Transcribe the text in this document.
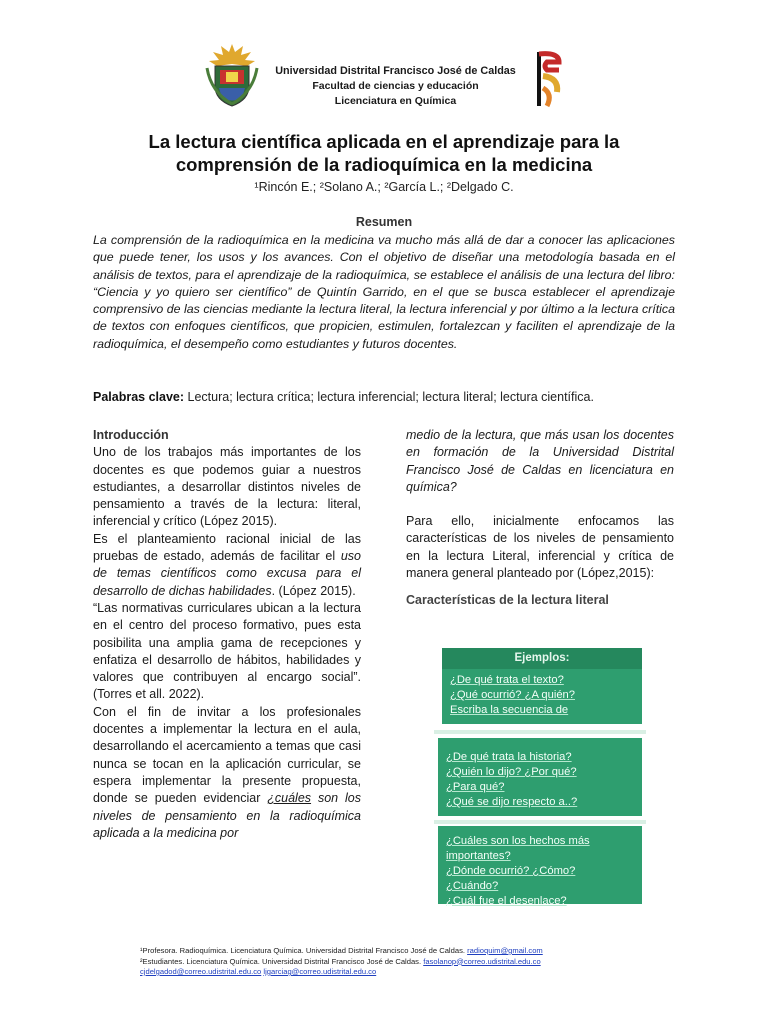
Universidad Distrital Francisco José de Caldas
Facultad de ciencias y educación
Licenciatura en Química
La lectura científica aplicada en el aprendizaje para la
comprensión de la radioquímica en la medicina
¹Rincón E.; ²Solano A.; ²García L.; ²Delgado C.
Resumen
La comprensión de la radioquímica en la medicina va mucho más allá de dar a conocer las aplicaciones que puede tener, los usos y los avances. Con el objetivo de diseñar una metodología basada en el análisis de textos, para el aprendizaje de la radioquímica, se establece el análisis de una lectura del libro: “Ciencia y yo quiero ser científico” de Quintín Garrido, en el que se busca establecer el aprendizaje comprensivo de las ciencias mediante la lectura literal, la lectura inferencial y por último a la lectura crítica de textos con enfoques científicos, que propicien, estimulen, fortalezcan y faciliten el aprendizaje de la radioquímica, el desempeño como estudiantes y futuros docentes.
Palabras clave: Lectura; lectura crítica; lectura inferencial; lectura literal; lectura científica.
Introducción

Uno de los trabajos más importantes de los docentes es que podemos guiar a nuestros estudiantes, a desarrollar distintos niveles de pensamiento a través de la lectura: literal, inferencial y crítico (López 2015).

Es el planteamiento racional inicial de las pruebas de estado, además de facilitar el uso de temas científicos como excusa para el desarrollo de dichas habilidades. (López 2015).

“Las normativas curriculares ubican a la lectura en el centro del proceso formativo, pues esta posibilita una amplia gama de recepciones y enfatiza el desarrollo de hábitos, habilidades y valores que contribuyen al encargo social”. (Torres et all. 2022).

Con el fin de invitar a los profesionales docentes a implementar la lectura en el aula, desarrollando el acercamiento a temas que casi nunca se tocan en la aplicación curricular, se espera implementar la presente propuesta, donde se pueden evidenciar ¿cuáles son los niveles de pensamiento en la radioquímica aplicada a la medicina por

medio de la lectura, que más usan los docentes en formación de la Universidad Distrital Francisco José de Caldas en licenciatura en química?

Para ello, inicialmente enfocamos las características de los niveles de pensamiento en la lectura Literal, inferencial y crítica de manera general planteado por (López,2015):

Características de la lectura literal
Ejemplos:
¿De qué trata el texto?
¿Qué ocurrió? ¿A quién?
Escriba la secuencia de
¿De qué trata la historia?
¿Quién lo dijo? ¿Por qué?
¿Para qué?
¿Qué se dijo respecto a..?
¿Cuáles son los hechos más
importantes?
¿Dónde ocurrió? ¿Cómo?
¿Cuándo?
¿Cuál fue el desenlace?
¹Profesora. Radioquímica. Licenciatura Química. Universidad Distrital Francisco José de Caldas. radioquim@gmail.com
²Estudiantes. Licenciatura Química. Universidad Distrital Francisco José de Caldas. fasolanop@correo.udistrital.edu.co
cjdelgadod@correo.udistrital.edu.co ljgarciag@correo.udistrital.edu.co
